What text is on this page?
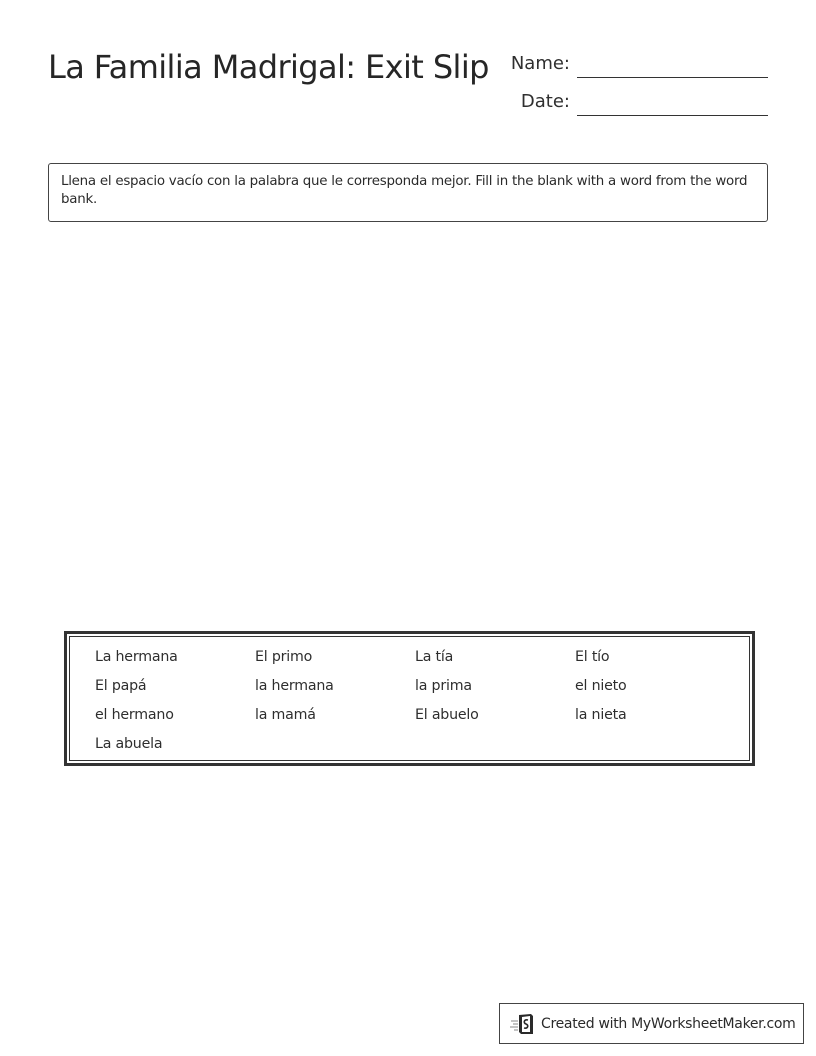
La Familia Madrigal: Exit Slip	Name:
Date:
Llena el espacio vacío con la palabra que le corresponda mejor. Fill in the blank with a word from the word bank.
La hermana	El primo	La tía	El tío
El papá	la hermana	la prima	el nieto
el hermano	la mamá	El abuelo	la nieta
La abuela
Created with MyWorksheetMaker.com
